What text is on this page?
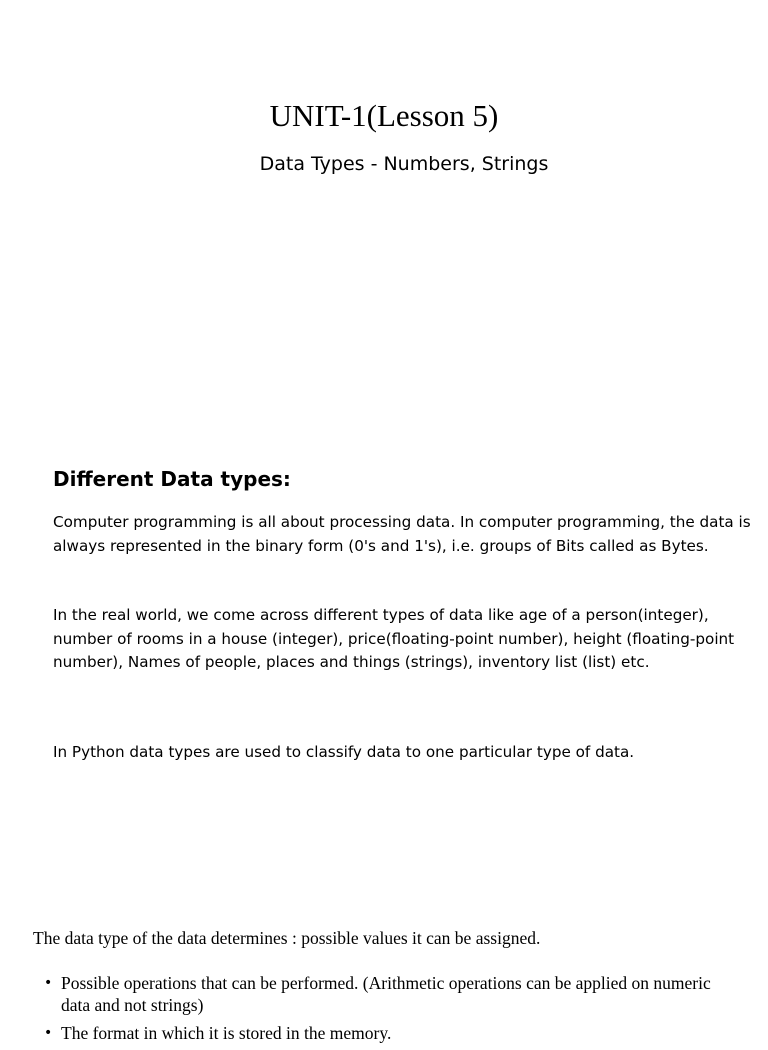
UNIT-1(Lesson 5)
Data Types - Numbers, Strings
Different Data types:
Computer programming is all about processing data. In computer programming, the data is always represented in the binary form (0's and 1's), i.e. groups of Bits called as Bytes.
In the real world, we come across different types of data like age of a person(integer), number of rooms in a house (integer), price(floating-point number), height (floating-point number), Names of people, places and things (strings), inventory list (list) etc.
In Python data types are used to classify data to one particular type of data.
The data type of the data determines : possible values it can be assigned.
• Possible operations that can be performed. (Arithmetic operations can be applied on numeric data and not strings)
• The format in which it is stored in the memory.
